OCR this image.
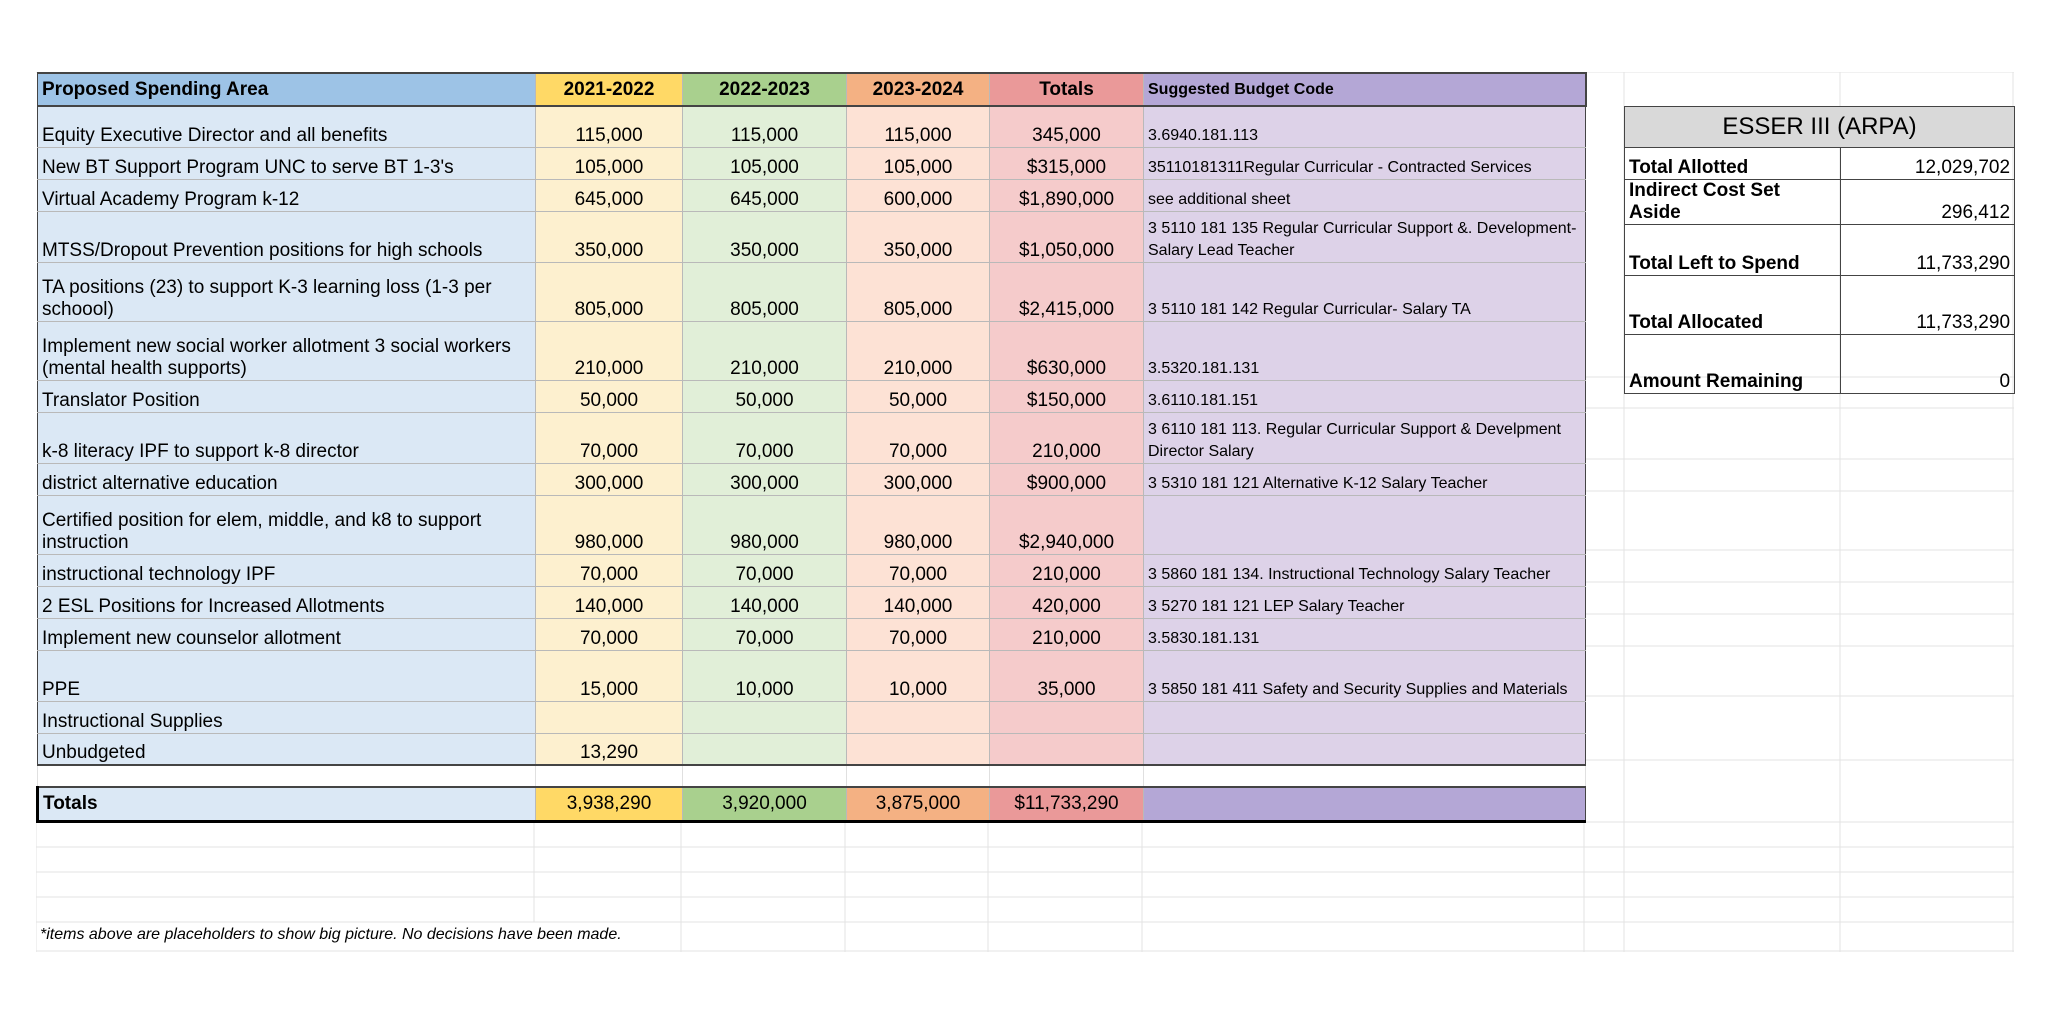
Proposed Spending Area	2021-2022	2022-2023	2023-2024	Totals	Suggested Budget Code
Equity Executive Director and all benefits	115,000	115,000	115,000	345,000	3.6940.181.113
New BT Support Program UNC to serve BT 1-3's	105,000	105,000	105,000	$315,000	35110181311Regular Curricular - Contracted Services
Virtual Academy Program k-12	645,000	645,000	600,000	$1,890,000	see additional sheet
MTSS/Dropout Prevention positions for high schools	350,000	350,000	350,000	$1,050,000	3 5110 181 135 Regular Curricular Support &. Development- Salary Lead Teacher
TA positions (23) to support K-3 learning loss (1-3 per schoool)	805,000	805,000	805,000	$2,415,000	3 5110 181 142 Regular Curricular- Salary TA
Implement new social worker allotment 3 social workers (mental health supports)	210,000	210,000	210,000	$630,000	3.5320.181.131
Translator Position	50,000	50,000	50,000	$150,000	3.6110.181.151
k-8 literacy IPF to support k-8 director	70,000	70,000	70,000	210,000	3 6110 181 113. Regular Curricular Support & Develpment Director Salary
district alternative education	300,000	300,000	300,000	$900,000	3 5310 181 121 Alternative K-12 Salary Teacher
Certified position for elem, middle, and k8 to support instruction	980,000	980,000	980,000	$2,940,000	
instructional technology IPF	70,000	70,000	70,000	210,000	3 5860 181 134. Instructional Technology Salary Teacher
2 ESL Positions for Increased Allotments	140,000	140,000	140,000	420,000	3 5270 181 121 LEP Salary Teacher
Implement new counselor allotment	70,000	70,000	70,000	210,000	3.5830.181.131
PPE	15,000	10,000	10,000	35,000	3 5850 181 411 Safety and Security Supplies and Materials
Instructional Supplies					
Unbudgeted	13,290				

Totals	3,938,290	3,920,000	3,875,000	$11,733,290	
ESSER III (ARPA)	
Total Allotted	12,029,702
Indirect Cost Set Aside	296,412
Total Left to Spend	11,733,290
Total Allocated	11,733,290
Amount Remaining	0
*items above are placeholders to show big picture. No decisions have been made.
